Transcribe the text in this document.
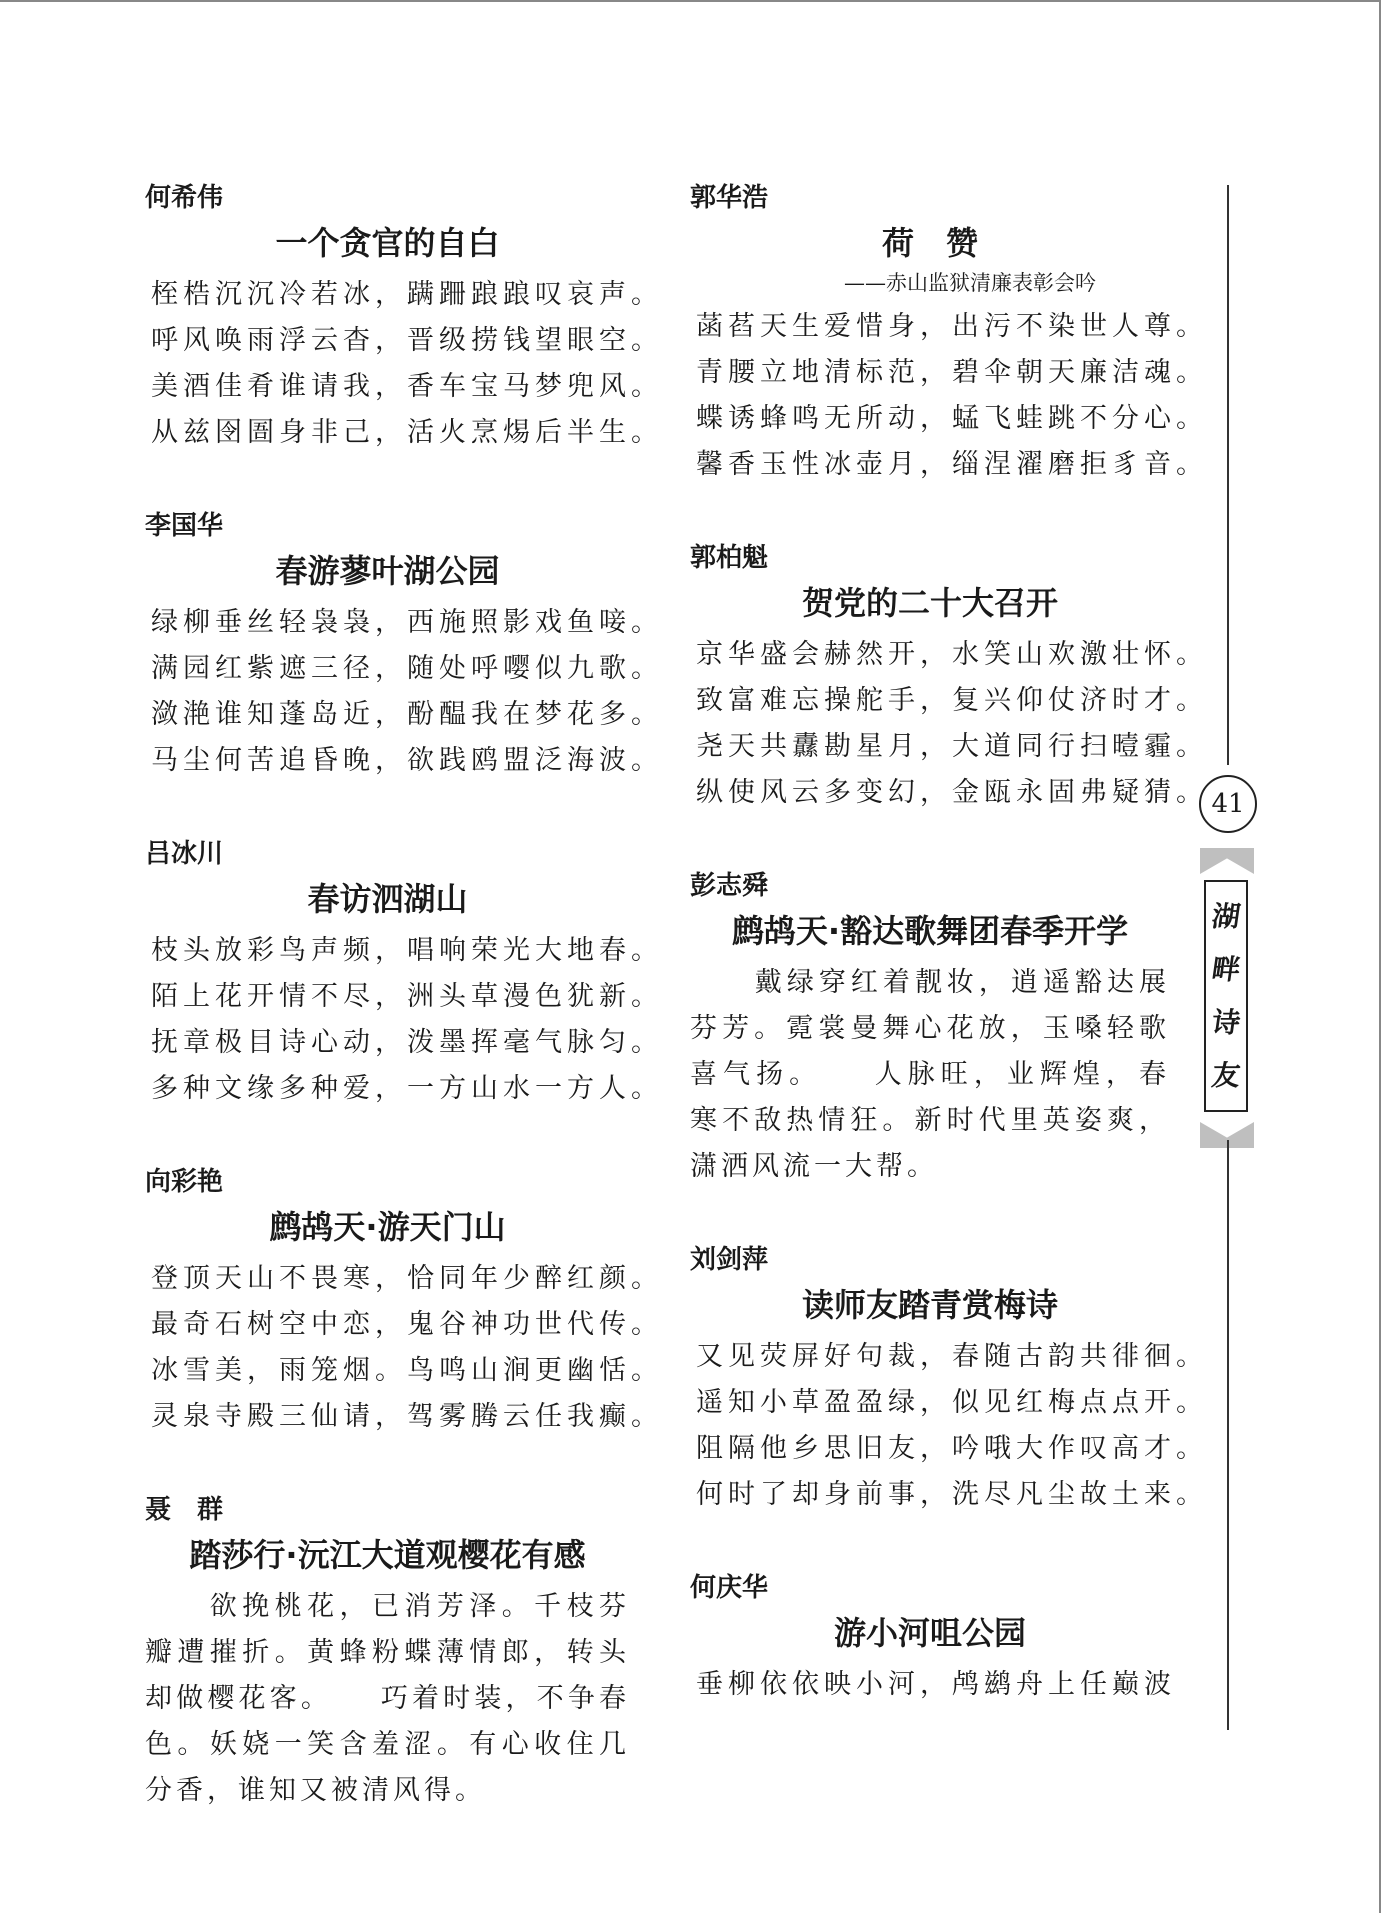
何希伟
一个贪官的自白
桎梏沉沉冷若冰，蹒跚踉踉叹哀声。
呼风唤雨浮云杳，晋级捞钱望眼空。
美酒佳肴谁请我，香车宝马梦兜风。
从兹囹圄身非己，活火烹焬后半生。
李国华
春游蓼叶湖公园
绿柳垂丝轻袅袅，西施照影戏鱼唼。
满园红紫遮三径，随处呼嘤似九歌。
潋滟谁知蓬岛近，酚醖我在梦花多。
马尘何苦追昏晚，欲践鸥盟泛海波。
吕冰川
春访泗湖山
枝头放彩鸟声频，唱响荣光大地春。
陌上花开情不尽，洲头草漫色犹新。
抚章极目诗心动，泼墨挥毫气脉匀。
多种文缘多种爱，一方山水一方人。
向彩艳
鹧鸪天·游天门山
登顶天山不畏寒，恰同年少醉红颜。
最奇石树空中恋，鬼谷神功世代传。
冰雪美，雨笼烟。鸟鸣山涧更幽恬。
灵泉寺殿三仙请，驾雾腾云任我癫。
聂　群
踏莎行·沅江大道观樱花有感
欲挽桃花，已消芳泽。千枝芬瓣遭摧折。黄蜂粉蝶薄情郎，转头却做樱花客。　　巧着时装，不争春色。妖娆一笑含羞涩。有心收住几分香，谁知又被清风得。
郭华浩
荷　赞
——赤山监狱清廉表彰会吟
菡萏天生爱惜身，出污不染世人尊。
青腰立地清标范，碧伞朝天廉洁魂。
蝶诱蜂鸣无所动，蜢飞蛙跳不分心。
馨香玉性冰壶月，缁涅濯磨拒豸音。
郭柏魁
贺党的二十大召开
京华盛会赫然开，水笑山欢激壮怀。
致富难忘操舵手，复兴仰仗济时才。
尧天共纛勘星月，大道同行扫曀霾。
纵使风云多变幻，金瓯永固弗疑猜。
彭志舜
鹧鸪天·豁达歌舞团春季开学
戴绿穿红着靓妆，逍遥豁达展芬芳。霓裳曼舞心花放，玉嗓轻歌喜气扬。　　人脉旺，业辉煌，春寒不敌热情狂。新时代里英姿爽，潇洒风流一大帮。
刘剑萍
读师友踏青赏梅诗
又见荧屏好句裁，春随古韵共徘徊。
遥知小草盈盈绿，似见红梅点点开。
阻隔他乡思旧友，吟哦大作叹高才。
何时了却身前事，洗尽凡尘故土来。
何庆华
游小河咀公园
垂柳依依映小河，鸬鹚舟上任巅波
41
湖
畔
诗
友
